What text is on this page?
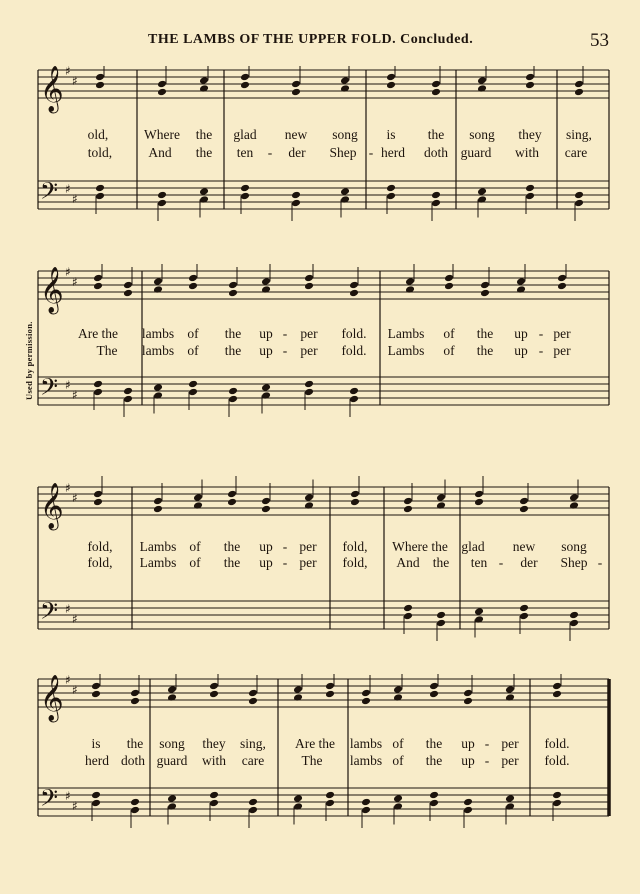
THE LAMBS OF THE UPPER FOLD. Concluded.	53
Used by permission.
𝄞 ♯
♯
𝄢 ♯
♯
old,	Where the glad new song is the song they sing,
told,	And the ten - der Shep - herd doth guard with care
𝄞 ♯
♯
𝄢 ♯
♯
Are the lambs of the up - per fold. Lambs of the up - per
The lambs of the up - per fold. Lambs of the up - per
𝄞 ♯
♯
𝄢 ♯
♯
fold, Lambs of the up - per fold, Where the glad new song
fold, Lambs of the up - per fold, And the ten - der Shep -
𝄞 ♯
♯
𝄢 ♯
♯
is the song they sing, Are the lambs of the up - per fold.
herd doth guard with care	The lambs of the up - per fold.
